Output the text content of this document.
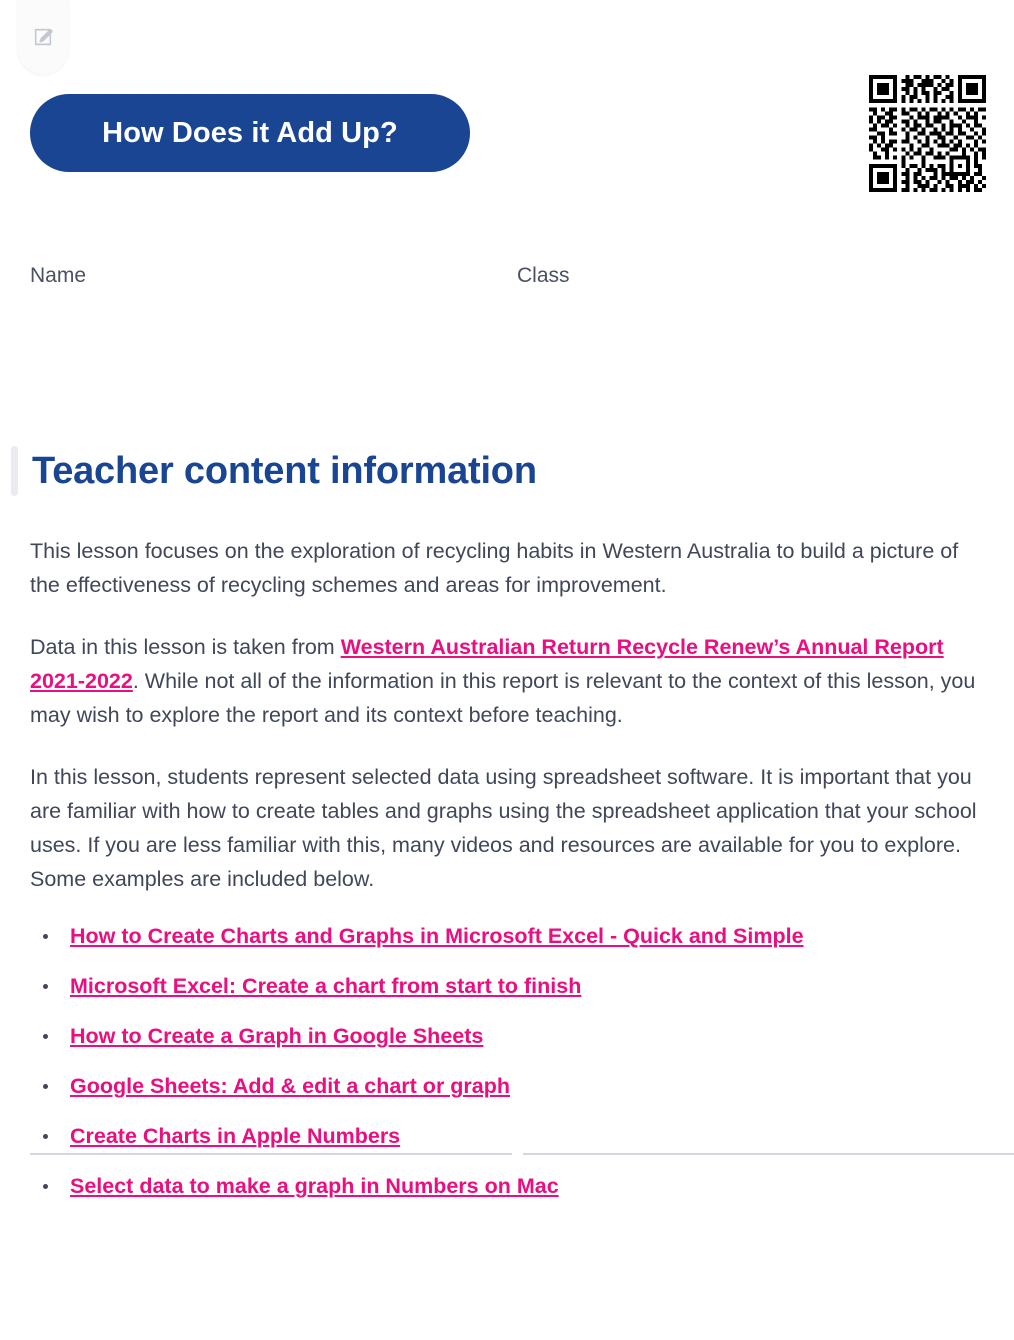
How Does it Add Up?
Name	Class
Teacher content information

This lesson focuses on the exploration of recycling habits in Western Australia to build a picture of the effectiveness of recycling schemes and areas for improvement.

Data in this lesson is taken from Western Australian Return Recycle Renew’s Annual Report 2021-2022. While not all of the information in this report is relevant to the context of this lesson, you may wish to explore the report and its context before teaching.

In this lesson, students represent selected data using spreadsheet software. It is important that you are familiar with how to create tables and graphs using the spreadsheet application that your school uses. If you are less familiar with this, many videos and resources are available for you to explore. Some examples are included below.

How to Create Charts and Graphs in Microsoft Excel - Quick and Simple
Microsoft Excel: Create a chart from start to finish
How to Create a Graph in Google Sheets
Google Sheets: Add & edit a chart or graph
Create Charts in Apple Numbers
Select data to make a graph in Numbers on Mac
